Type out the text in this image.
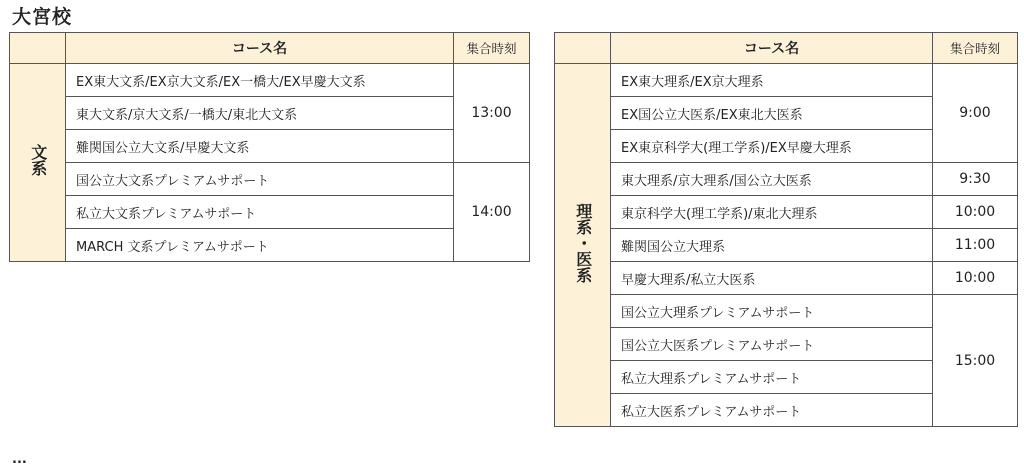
大宮校
	コース名	集合時刻
文系	EX東大文系/EX京大文系/EX一橋大/EX早慶大文系	13:00
	東大文系/京大文系/一橋大/東北大文系	
	難関国公立大文系/早慶大文系	
	国公立大文系プレミアムサポート	14:00
	私立大文系プレミアムサポート	
	MARCH 文系プレミアムサポート	
	コース名	集合時刻
理系・医系	EX東大理系/EX京大理系	9:00
	EX国公立大医系/EX東北大医系	
	EX東京科学大(理工学系)/EX早慶大理系	
	東大理系/京大理系/国公立大医系	9:30
	東京科学大(理工学系)/東北大理系	10:00
	難関国公立大理系	11:00
	早慶大理系/私立大医系	10:00
	国公立大理系プレミアムサポート	15:00
	国公立大医系プレミアムサポート	
	私立大理系プレミアムサポート	
	私立大医系プレミアムサポート	
...
